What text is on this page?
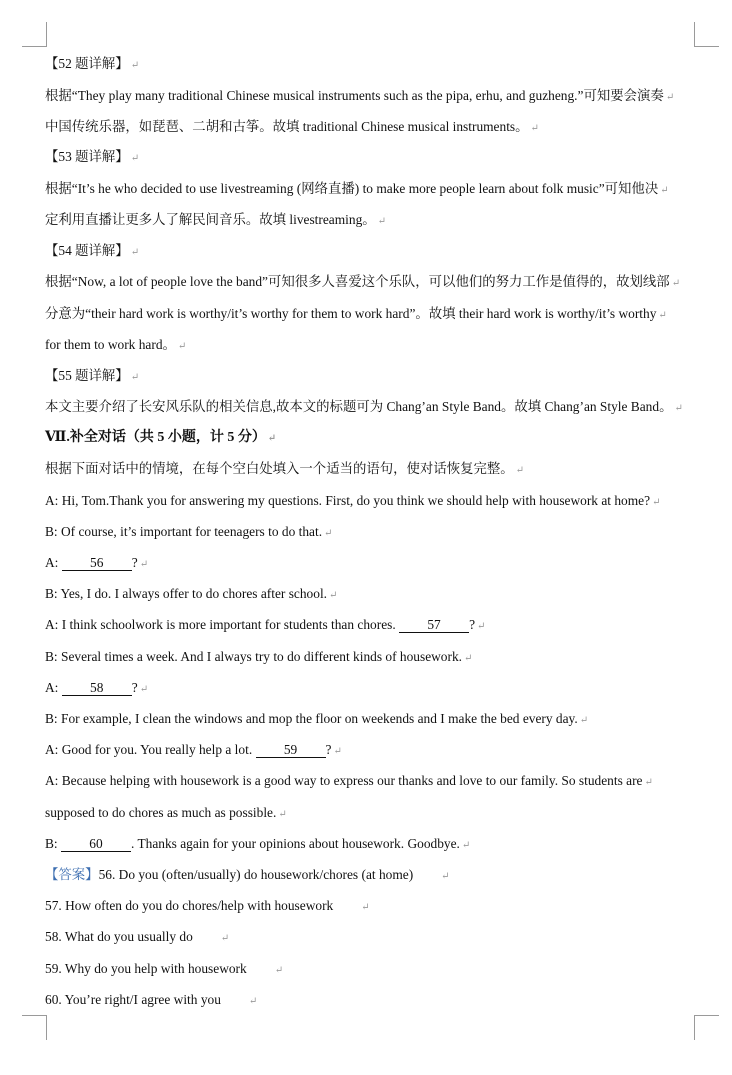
A: 56 ? ↵
A: I think schoolwork is more important for students than chores. 57 ? ↵
A: 58 ? ↵
A: Good for you. You really help a lot. 59 ? ↵
B: 60 . Thanks again for your opinions about housework. Goodbye. ↵
【答案】56. Do you (often/usually) do housework/chores (at home)	↵
【52 题详解】 ↵
根据“They play many traditional Chinese musical instruments such as the pipa, erhu, and guzheng.”可知要会演奏 ↵
中国传统乐器，如琵琶、二胡和古筝。故填 traditional Chinese musical instruments。 ↵
【53 题详解】 ↵
根据“It’s he who decided to use livestreaming (网络直播) to make more people learn about folk music”可知他决 ↵
定利用直播让更多人了解民间音乐。故填 livestreaming。 ↵
【54 题详解】 ↵
根据“Now, a lot of people love the band”可知很多人喜爱这个乐队，可以他们的努力工作是值得的，故划线部 ↵
分意为“their hard work is worthy/it’s worthy for them to work hard”。故填 their hard work is worthy/it’s worthy ↵
for them to work hard。 ↵
【55 题详解】 ↵
本文主要介绍了长安风乐队的相关信息,故本文的标题可为 Chang’an Style Band。故填 Chang’an Style Band。 ↵
Ⅶ.补全对话（共 5 小题，计 5 分） ↵
根据下面对话中的情境，在每个空白处填入一个适当的语句，使对话恢复完整。 ↵
A: Hi, Tom.Thank you for answering my questions. First, do you think we should help with housework at home? ↵
B: Of course, it’s important for teenagers to do that. ↵
B: Yes, I do. I always offer to do chores after school. ↵
B: Several times a week. And I always try to do different kinds of housework. ↵
B: For example, I clean the windows and mop the floor on weekends and I make the bed every day. ↵
A: Because helping with housework is a good way to express our thanks and love to our family. So students are ↵
supposed to do chores as much as possible. ↵
57. How often do you do chores/help with housework	↵
58. What do you usually do	↵
59. Why do you help with housework	↵
60. You’re right/I agree with you	↵
